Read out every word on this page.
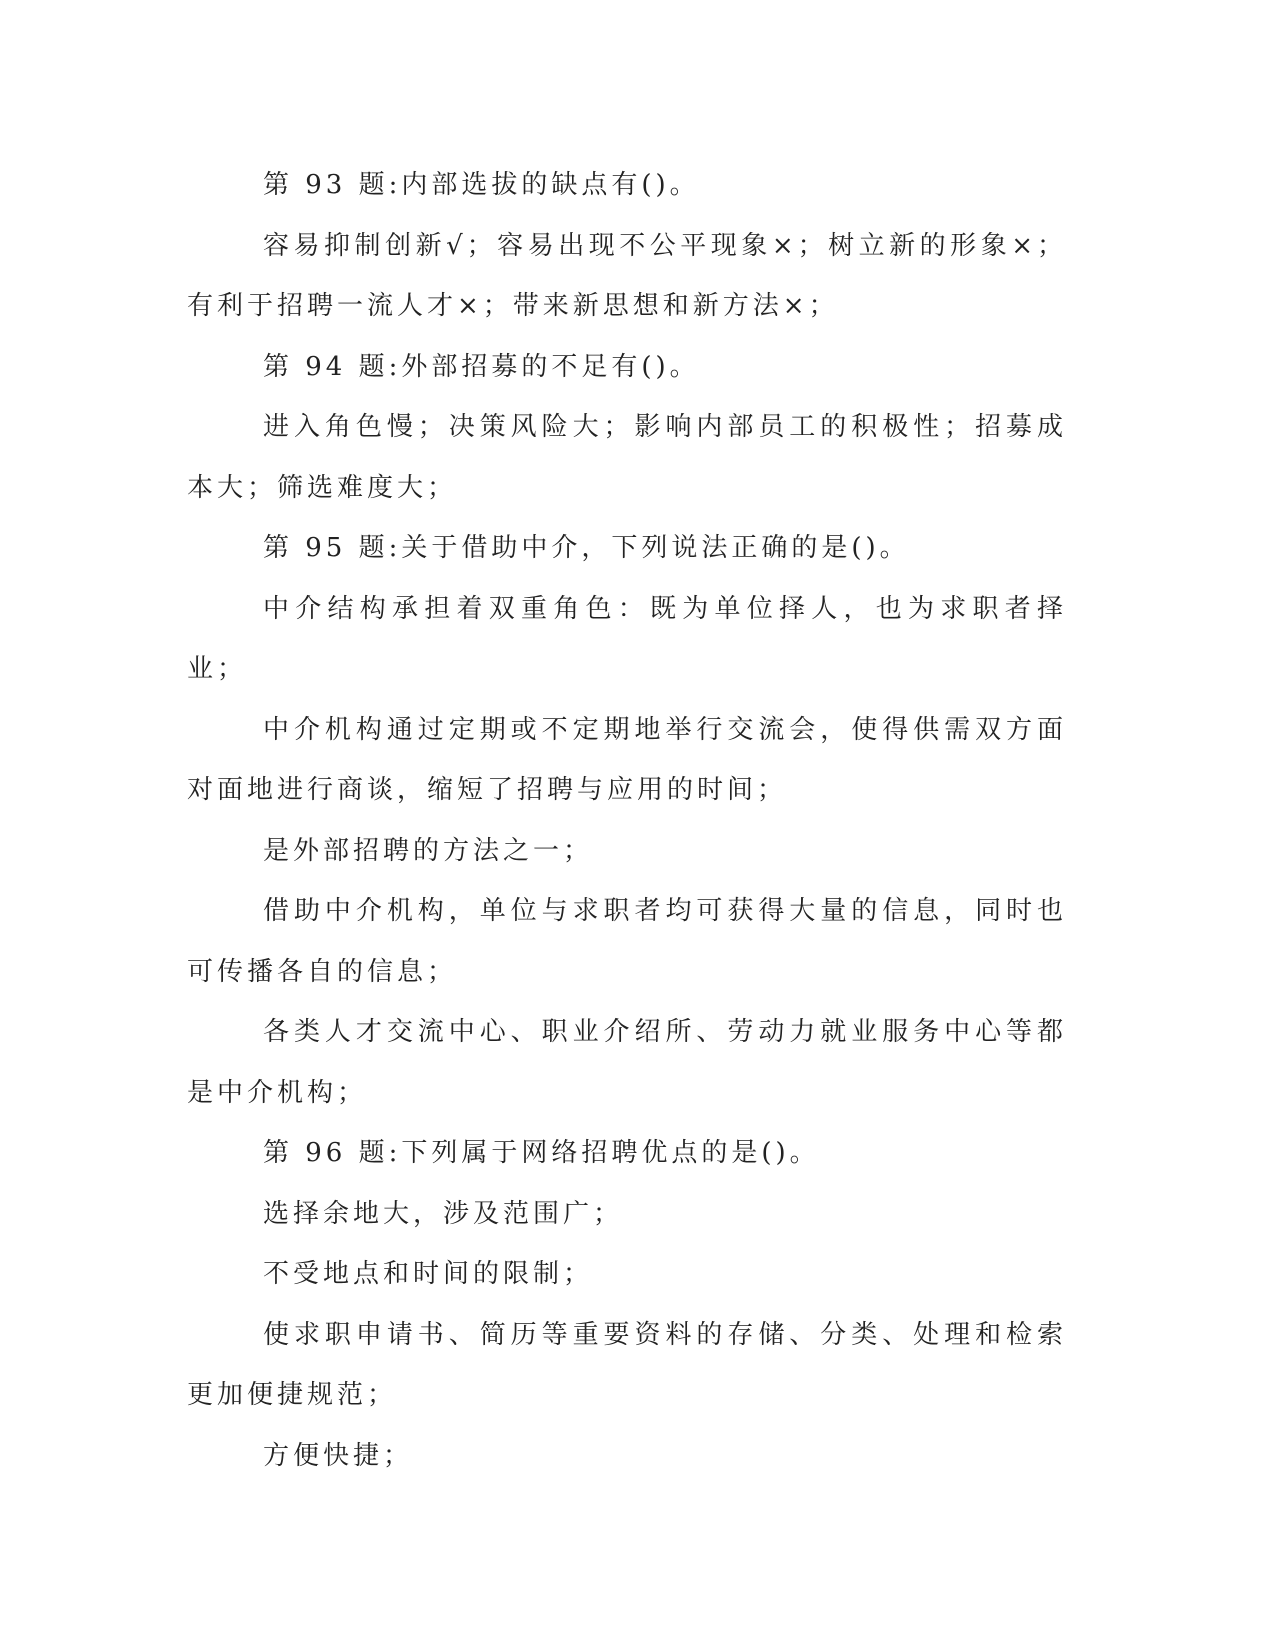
第 93 题:内部选拔的缺点有()。

容易抑制创新√；容易出现不公平现象×；树立新的形象×；有利于招聘一流人才×；带来新思想和新方法×；

第 94 题:外部招募的不足有()。

进入角色慢；决策风险大；影响内部员工的积极性；招募成本大；筛选难度大；

第 95 题:关于借助中介，下列说法正确的是()。

中介结构承担着双重角色：既为单位择人，也为求职者择业；

中介机构通过定期或不定期地举行交流会，使得供需双方面对面地进行商谈，缩短了招聘与应用的时间；

是外部招聘的方法之一；

借助中介机构，单位与求职者均可获得大量的信息，同时也可传播各自的信息；

各类人才交流中心、职业介绍所、劳动力就业服务中心等都是中介机构；

第 96 题:下列属于网络招聘优点的是()。

选择余地大，涉及范围广；

不受地点和时间的限制；

使求职申请书、简历等重要资料的存储、分类、处理和检索更加便捷规范；

方便快捷；
